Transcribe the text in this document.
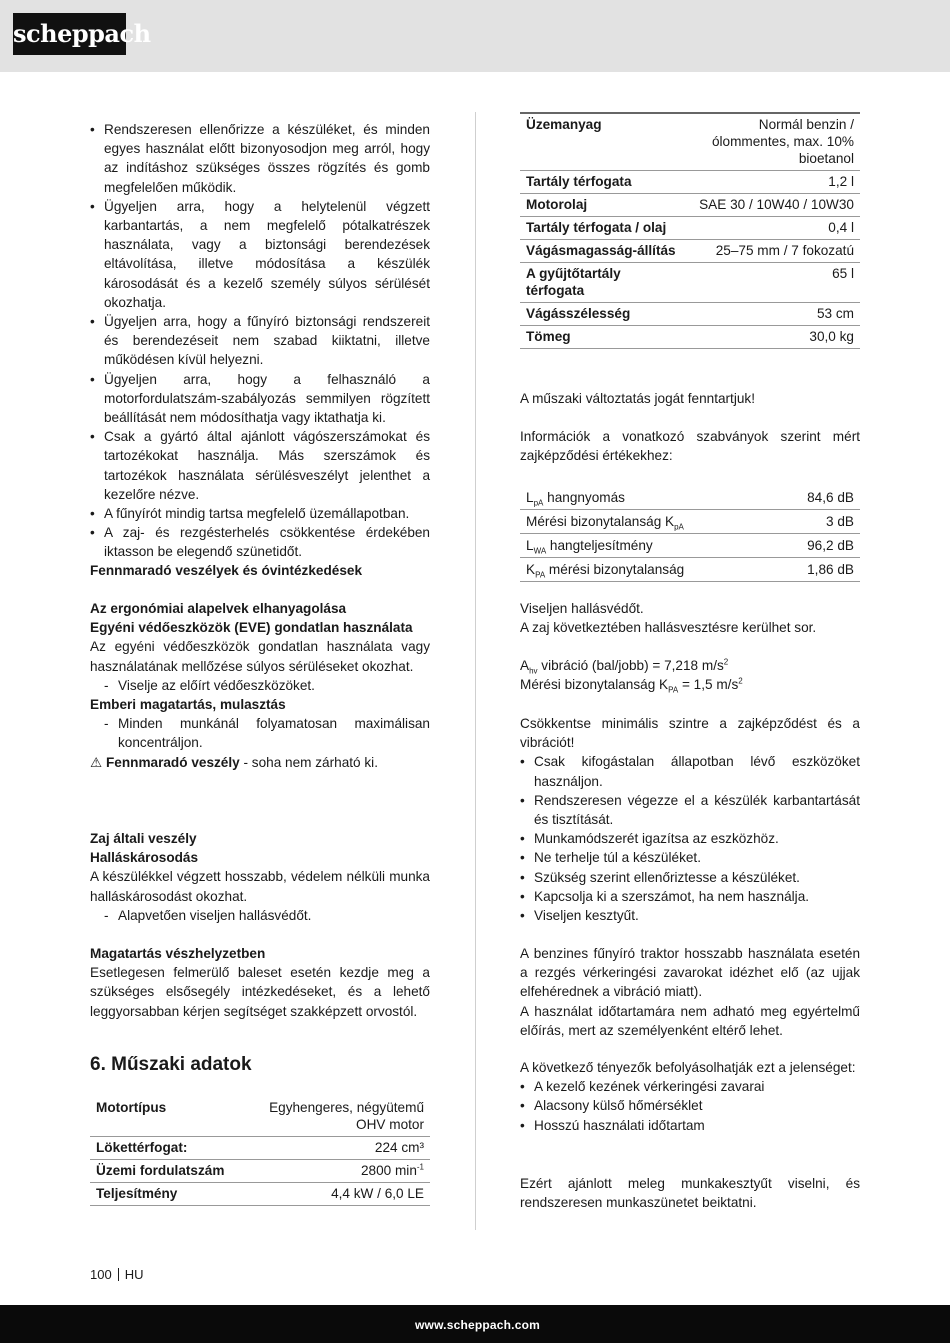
scheppach
• Rendszeresen ellenőrizze a készüléket, és minden egyes használat előtt bizonyosodjon meg arról, hogy az indításhoz szükséges összes rögzítés és gomb megfelelően működik.
• Ügyeljen arra, hogy a helytelenül végzett karbantartás, a nem megfelelő pótalkatrészek használata, vagy a biztonsági berendezések eltávolítása, illetve módosítása a készülék károsodását és a kezelő személy súlyos sérülését okozhatja.
• Ügyeljen arra, hogy a fűnyíró biztonsági rendszereit és berendezéseit nem szabad kiiktatni, illetve működésen kívül helyezni.
• Ügyeljen arra, hogy a felhasználó a motorfordulatszám-szabályozás semmilyen rögzített beállítását nem módosíthatja vagy iktathatja ki.
• Csak a gyártó által ajánlott vágószerszámokat és tartozékokat használja. Más szerszámok és tartozékok használata sérülésveszélyt jelenthet a kezelőre nézve.
• A fűnyírót mindig tartsa megfelelő üzemállapotban.
• A zaj- és rezgésterhelés csökkentése érdekében iktasson be elegendő szünetidőt.
Fennmaradó veszélyek és óvintézkedések
Az ergonómiai alapelvek elhanyagolása
Egyéni védőeszközök (EVE) gondatlan használata
Az egyéni védőeszközök gondatlan használata vagy használatának mellőzése súlyos sérüléseket okozhat.
- Viselje az előírt védőeszközöket.
Emberi magatartás, mulasztás
- Minden munkánál folyamatosan maximálisan koncentráljon.
⚠ Fennmaradó veszély - soha nem zárható ki.
Zaj általi veszély
Halláskárosodás
A készülékkel végzett hosszabb, védelem nélküli munka halláskárosodást okozhat.
- Alapvetően viseljen hallásvédőt.
Magatartás vészhelyzetben
Esetlegesen felmerülő baleset esetén kezdje meg a szükséges elsősegély intézkedéseket, és a lehető leggyorsabban kérjen segítséget szakképzett orvostól.
6. Műszaki adatok
Motortípus	Egyhengeres, négyütemű OHV motor
Lökettérfogat:	224 cm³
Üzemi fordulatszám	2800 $\min^{-1}$
Teljesítmény	4,4 kW / 6,0 LE
Üzemanyag	Normál benzin / ólommentes, max. 10% bioetanol
Tartály térfogata	1,2 l
Motorolaj	SAE 30 / 10W40 / 10W30
Tartály térfogata / olaj	0,4 l
Vágásmagasság-állítás	25–75 mm / 7 fokozatú
A gyűjtőtartály térfogata	65 l
Vágásszélesség	53 cm
Tömeg	30,0 kg
A műszaki változtatás jogát fenntartjuk!
Információk a vonatkozó szabványok szerint mért zajképződési értékekhez:
$L_{pA}$ hangnyomás	84,6 dB
Mérési bizonytalanság $K_{pA}$	3 dB
$L_{WA}$ hangteljesítmény	96,2 dB
$K_{PA}$ mérési bizonytalanság	1,86 dB
Viseljen hallásvédőt.
A zaj következtében hallásvesztésre kerülhet sor.
$A_{hv}$ vibráció (bal/jobb) = 7,218 $m/s^2$
Mérési bizonytalanság $K_{PA} = 1,5$ $m/s^2$
Csökkentse minimális szintre a zajképződést és a vibrációt!
• Csak kifogástalan állapotban lévő eszközöket használjon.
• Rendszeresen végezze el a készülék karbantartását és tisztítását.
• Munkamódszerét igazítsa az eszközhöz.
• Ne terhelje túl a készüléket.
• Szükség szerint ellenőriztesse a készüléket.
• Kapcsolja ki a szerszámot, ha nem használja.
• Viseljen kesztyűt.
A benzines fűnyíró traktor hosszabb használata esetén a rezgés vérkeringési zavarokat idézhet elő (az ujjak elfehérednek a vibráció miatt).
A használat időtartamára nem adható meg egyértelmű előírás, mert az személyenként eltérő lehet.
A következő tényezők befolyásolhatják ezt a jelenséget:
• A kezelő kezének vérkeringési zavarai
• Alacsony külső hőmérséklet
• Hosszú használati időtartam
Ezért ajánlott meleg munkakesztyűt viselni, és rendszeresen munkaszünetet beiktatni.
100 HU
www.scheppach.com
